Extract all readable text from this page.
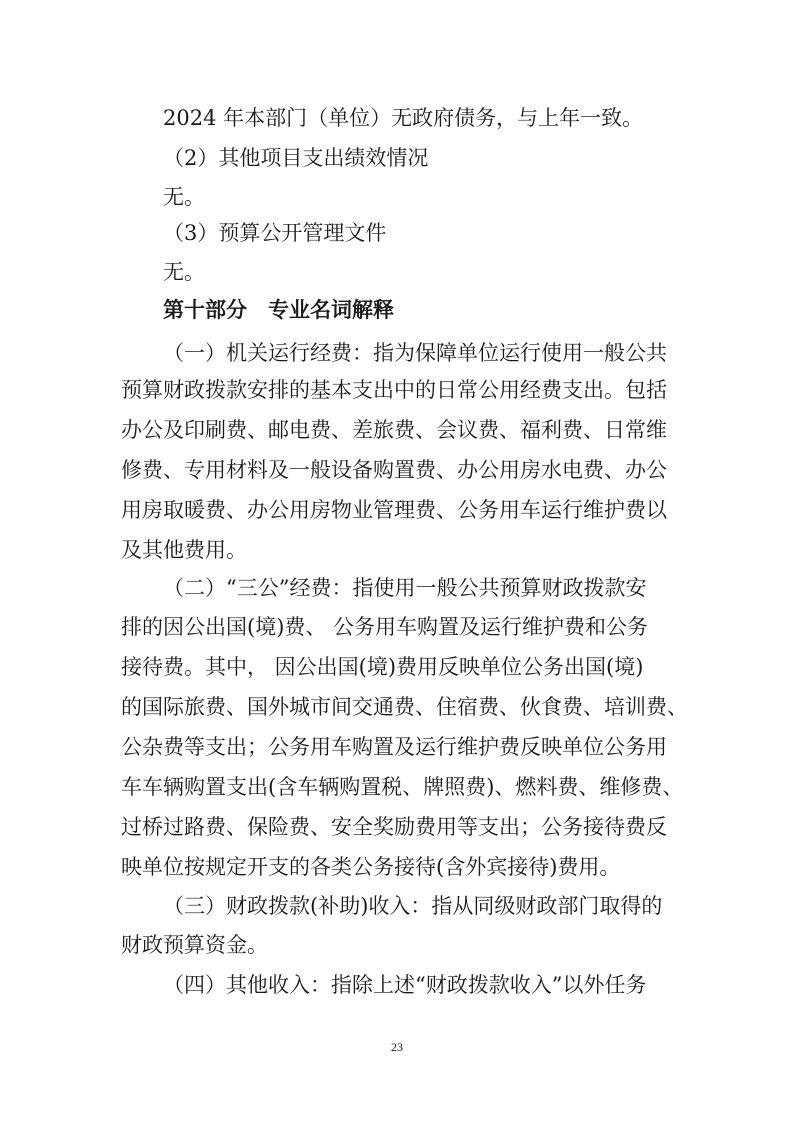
2024 年本部门（单位）无政府债务，与上年一致。
（2）其他项目支出绩效情况
无。
（3）预算公开管理文件
无。
第十部分　专业名词解释
（一）机关运行经费：指为保障单位运行使用一般公共
预算财政拨款安排的基本支出中的日常公用经费支出。包括
办公及印刷费、邮电费、差旅费、会议费、福利费、日常维
修费、专用材料及一般设备购置费、办公用房水电费、办公
用房取暖费、办公用房物业管理费、公务用车运行维护费以
及其他费用。
（二）“三公”经费：指使用一般公共预算财政拨款安
排的因公出国(境)费、 公务用车购置及运行维护费和公务
接待费。其中， 因公出国(境)费用反映单位公务出国(境)
的国际旅费、国外城市间交通费、住宿费、伙食费、培训费、
公杂费等支出；公务用车购置及运行维护费反映单位公务用
车车辆购置支出(含车辆购置税、牌照费)、燃料费、维修费、
过桥过路费、保险费、安全奖励费用等支出；公务接待费反
映单位按规定开支的各类公务接待(含外宾接待)费用。
（三）财政拨款(补助)收入：指从同级财政部门取得的
财政预算资金。
（四）其他收入：指除上述“财政拨款收入”以外任务
23
